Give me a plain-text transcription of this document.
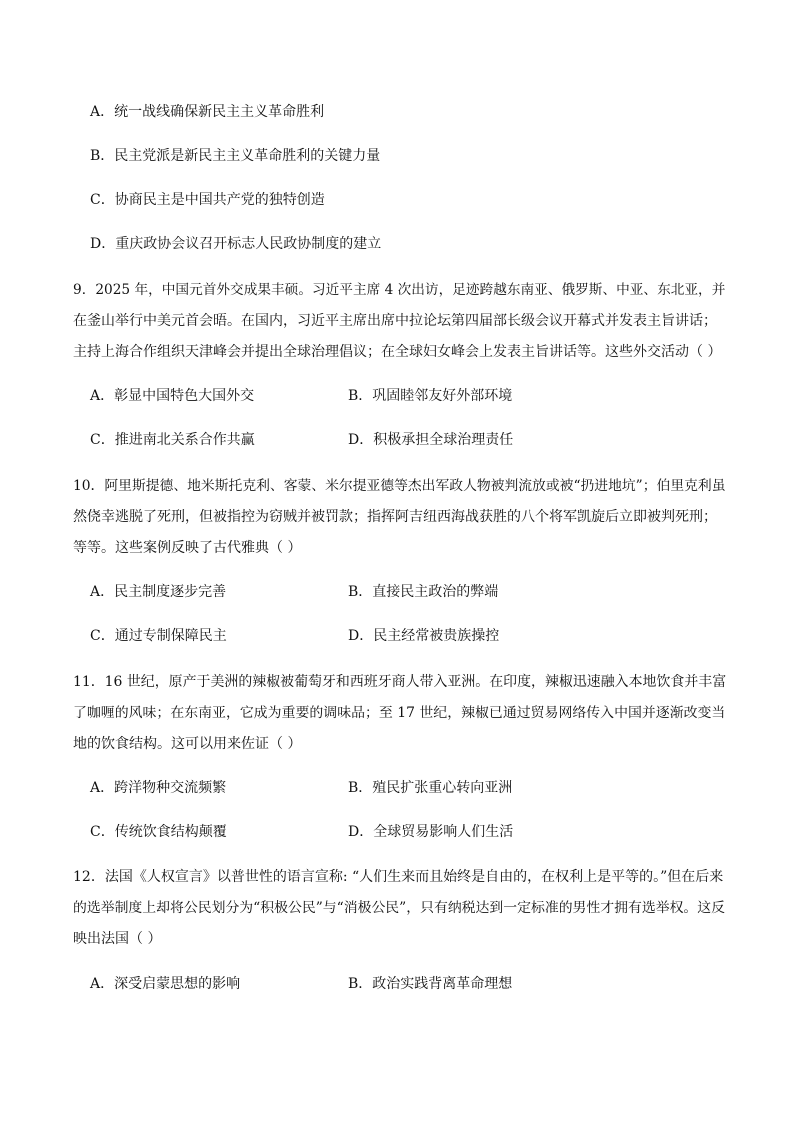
A．统一战线确保新民主主义革命胜利
B．民主党派是新民主主义革命胜利的关键力量
C．协商民主是中国共产党的独特创造
D．重庆政协会议召开标志人民政协制度的建立
9．2025 年，中国元首外交成果丰硕。习近平主席 4 次出访，足迹跨越东南亚、俄罗斯、中亚、东北亚，并
在釜山举行中美元首会晤。在国内，习近平主席出席中拉论坛第四届部长级会议开幕式并发表主旨讲话；
主持上海合作组织天津峰会并提出全球治理倡议；在全球妇女峰会上发表主旨讲话等。这些外交活动（ ）
A．彰显中国特色大国外交	B．巩固睦邻友好外部环境
C．推进南北关系合作共赢	D．积极承担全球治理责任
10．阿里斯提德、地米斯托克利、客蒙、米尔提亚德等杰出军政人物被判流放或被“扔进地坑”；伯里克利虽
然侥幸逃脱了死刑，但被指控为窃贼并被罚款；指挥阿吉纽西海战获胜的八个将军凯旋后立即被判死刑；
等等。这些案例反映了古代雅典（ ）
A．民主制度逐步完善	B．直接民主政治的弊端
C．通过专制保障民主	D．民主经常被贵族操控
11．16 世纪，原产于美洲的辣椒被葡萄牙和西班牙商人带入亚洲。在印度，辣椒迅速融入本地饮食并丰富
了咖喱的风味；在东南亚，它成为重要的调味品；至 17 世纪，辣椒已通过贸易网络传入中国并逐渐改变当
地的饮食结构。这可以用来佐证（ ）
A．跨洋物种交流频繁	B．殖民扩张重心转向亚洲
C．传统饮食结构颠覆	D．全球贸易影响人们生活
12．法国《人权宣言》以普世性的语言宣称: “人们生来而且始终是自由的，在权利上是平等的。”但在后来
的选举制度上却将公民划分为“积极公民”与“消极公民”，只有纳税达到一定标准的男性才拥有选举权。这反
映出法国（ ）
A．深受启蒙思想的影响	B．政治实践背离革命理想
